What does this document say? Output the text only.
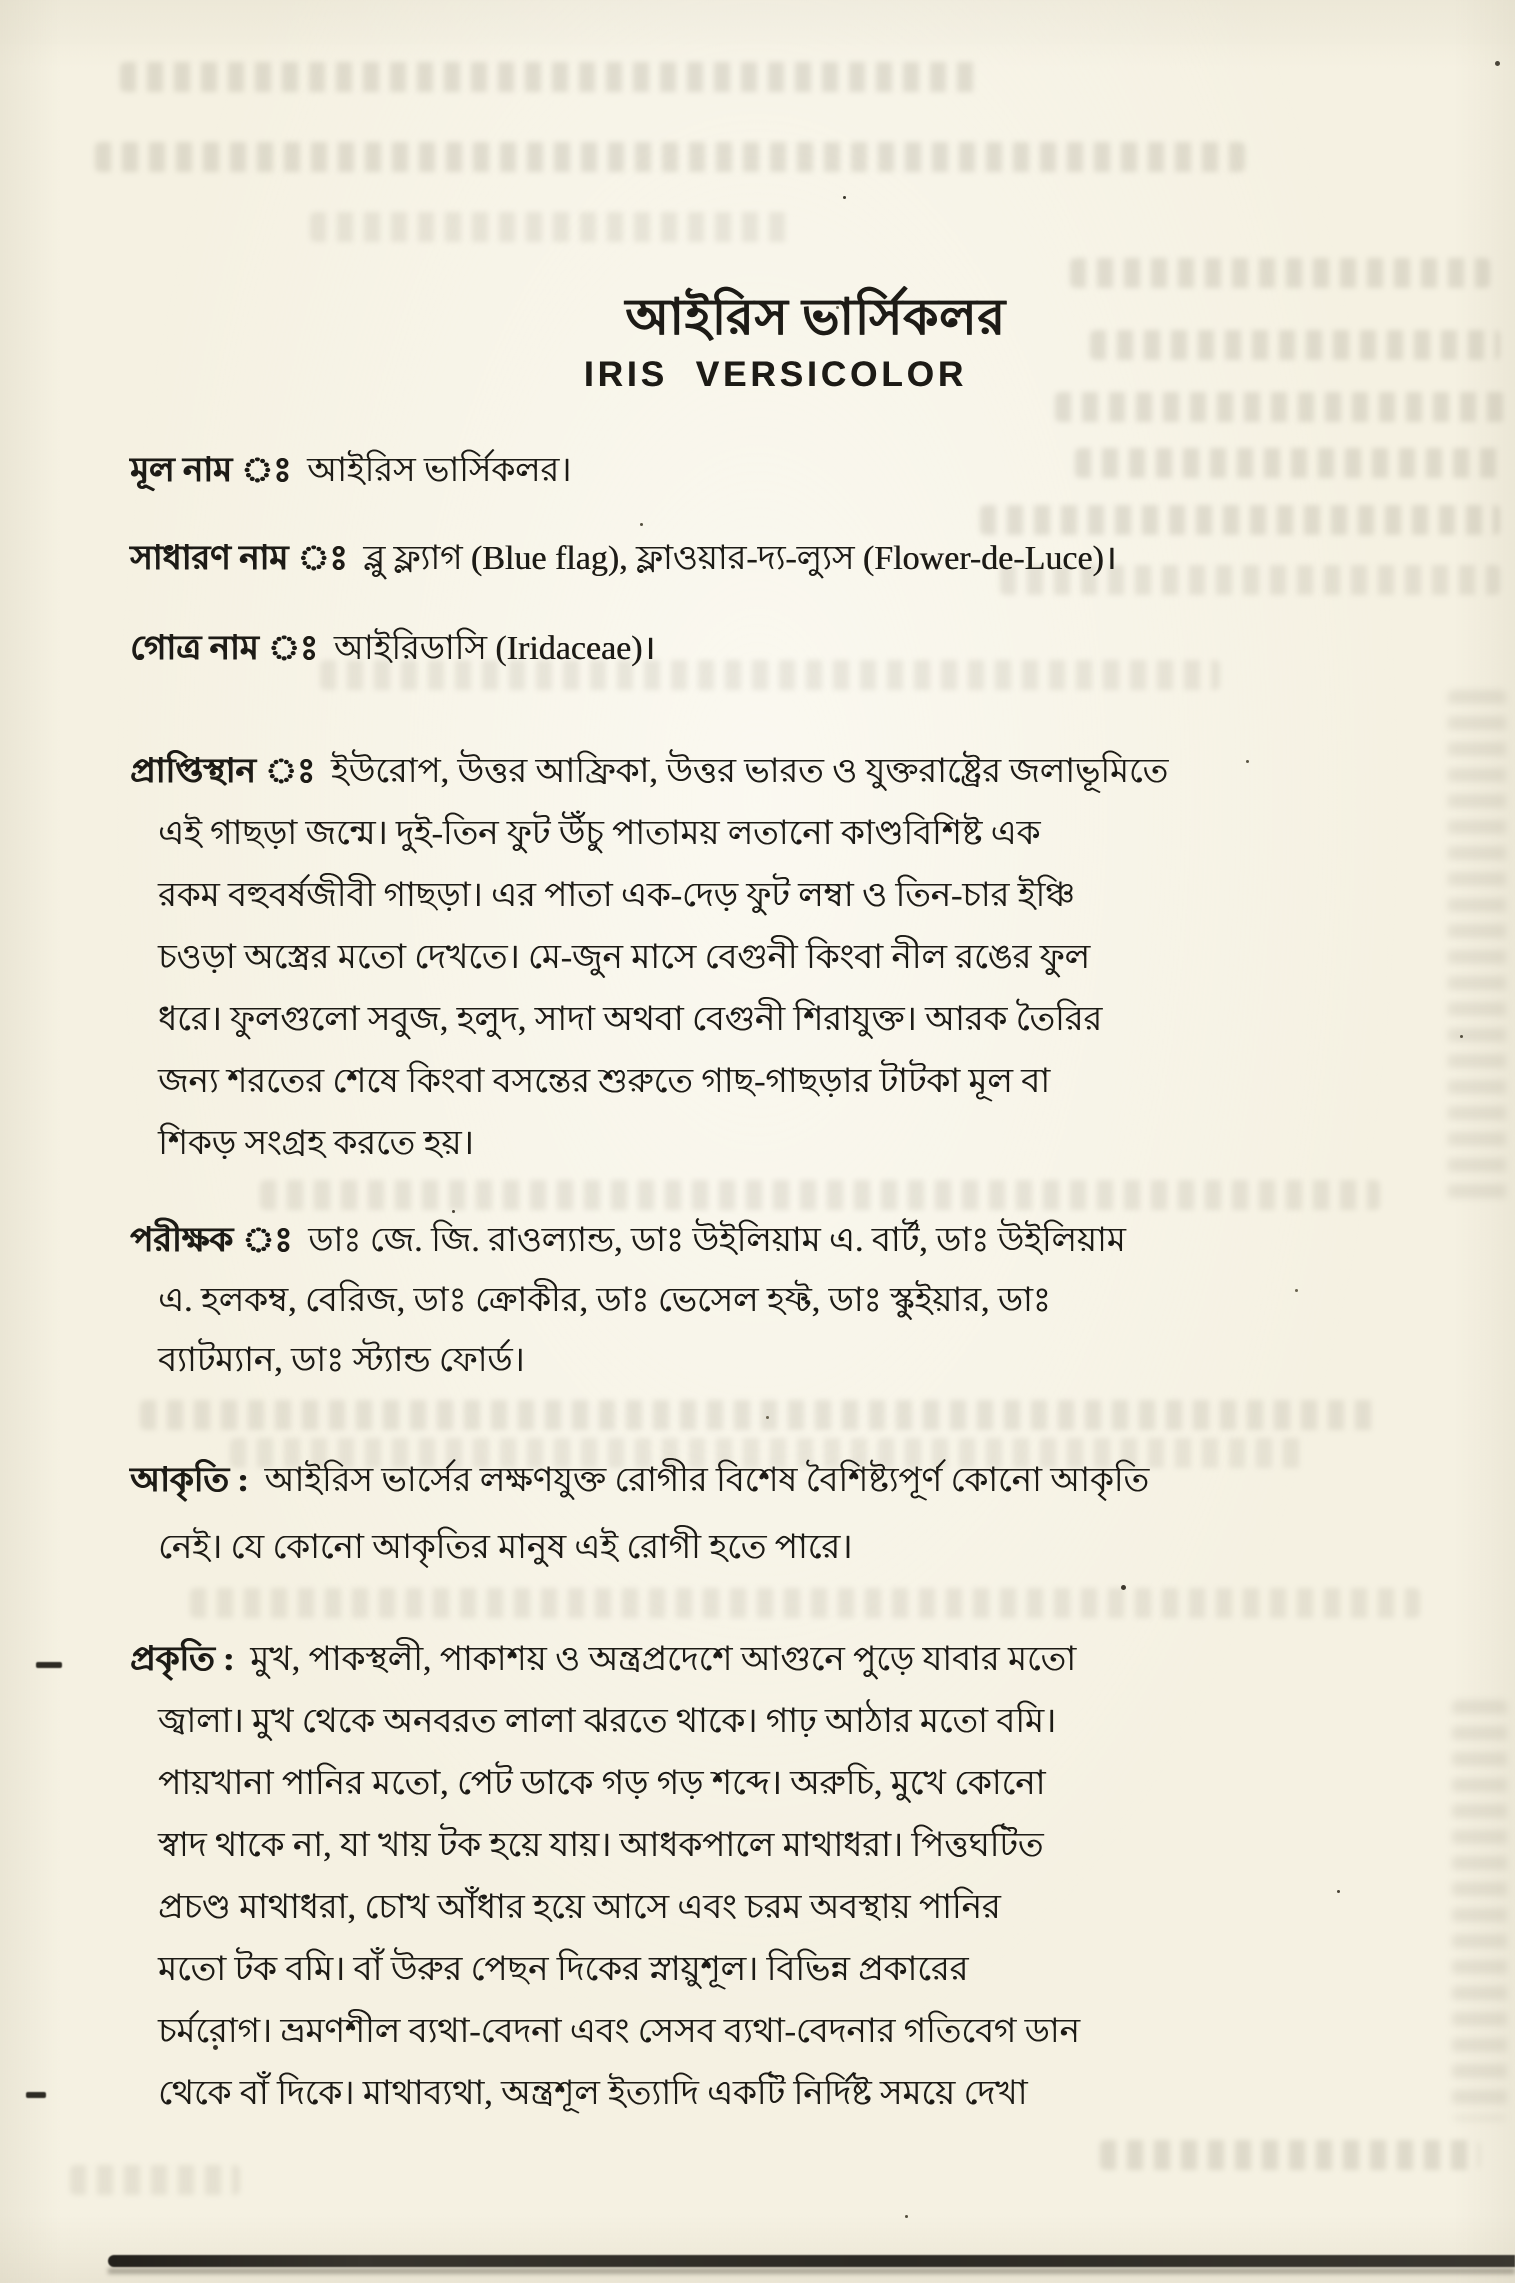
আইরিস ভার্সিকলর
IRIS VERSICOLOR
মূল নাম ঃ আইরিস ভার্সিকলর।
সাধারণ নাম ঃ ব্লু ফ্ল্যাগ (Blue flag), ফ্লাওয়ার-দ্য-ল্যুস (Flower-de-Luce)।
গোত্র নাম ঃ আইরিডাসি (Iridaceae)।
প্রাপ্তিস্থান ঃ ইউরোপ, উত্তর আফ্রিকা, উত্তর ভারত ও যুক্তরাষ্ট্রের জলাভূমিতে
এই গাছড়া জন্মে। দুই-তিন ফুট উঁচু পাতাময় লতানো কাণ্ডবিশিষ্ট এক
রকম বহুবর্ষজীবী গাছড়া। এর পাতা এক-দেড় ফুট লম্বা ও তিন-চার ইঞ্চি
চওড়া অস্ত্রের মতো দেখতে। মে-জুন মাসে বেগুনী কিংবা নীল রঙের ফুল
ধরে। ফুলগুলো সবুজ, হলুদ, সাদা অথবা বেগুনী শিরাযুক্ত। আরক তৈরির
জন্য শরতের শেষে কিংবা বসন্তের শুরুতে গাছ-গাছড়ার টাটকা মূল বা
শিকড় সংগ্রহ করতে হয়।
পরীক্ষক ঃ ডাঃ জে. জি. রাওল্যান্ড, ডাঃ উইলিয়াম এ. বার্ট, ডাঃ উইলিয়াম
এ. হলকম্ব, বেরিজ, ডাঃ ক্রোকীর, ডাঃ ভেসেল হফ্ট, ডাঃ স্কুইয়ার, ডাঃ
ব্যাটম্যান, ডাঃ স্ট্যান্ড ফোর্ড।
আকৃতি : আইরিস ভার্সের লক্ষণযুক্ত রোগীর বিশেষ বৈশিষ্ট্যপূর্ণ কোনো আকৃতি
নেই। যে কোনো আকৃতির মানুষ এই রোগী হতে পারে।
প্রকৃতি : মুখ, পাকস্থলী, পাকাশয় ও অন্ত্রপ্রদেশে আগুনে পুড়ে যাবার মতো
জ্বালা। মুখ থেকে অনবরত লালা ঝরতে থাকে। গাঢ় আঠার মতো বমি।
পায়খানা পানির মতো, পেট ডাকে গড় গড় শব্দে। অরুচি, মুখে কোনো
স্বাদ থাকে না, যা খায় টক হয়ে যায়। আধকপালে মাথাধরা। পিত্তঘটিত
প্রচণ্ড মাথাধরা, চোখ আঁধার হয়ে আসে এবং চরম অবস্থায় পানির
মতো টক বমি। বাঁ উরুর পেছন দিকের স্নায়ুশূল। বিভিন্ন প্রকারের
চর্মরোগ। ভ্রমণশীল ব্যথা-বেদনা এবং সেসব ব্যথা-বেদনার গতিবেগ ডান
থেকে বাঁ দিকে। মাথাব্যথা, অন্ত্রশূল ইত্যাদি একটি নির্দিষ্ট সময়ে দেখা
